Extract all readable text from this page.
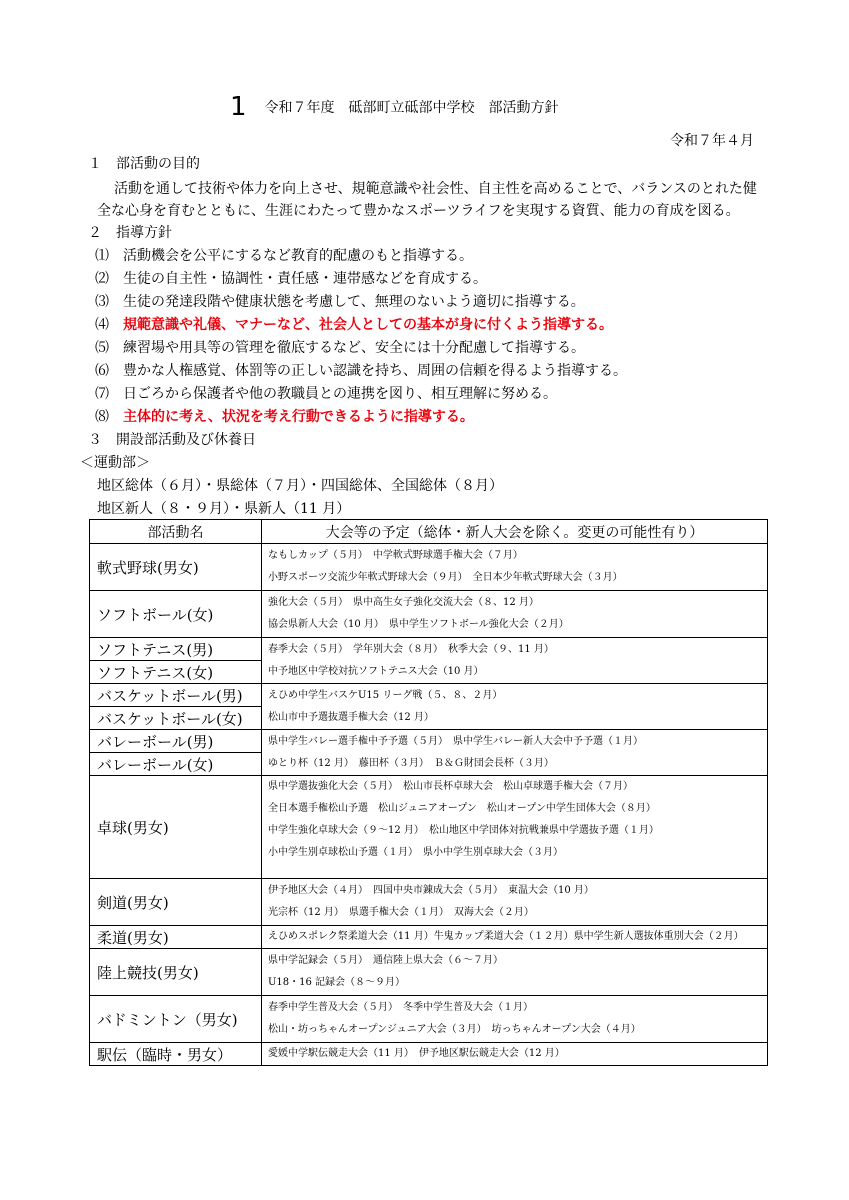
1 令和７年度　砥部町立砥部中学校　部活動方針
令和７年４月
１　部活動の目的
活動を通して技術や体力を向上させ、規範意識や社会性、自主性を高めることで、バランスのとれた健
全な心身を育むとともに、生涯にわたって豊かなスポーツライフを実現する資質、能力の育成を図る。
２　指導方針
⑴　 活動機会を公平にするなど教育的配慮のもと指導する。
⑵　 生徒の自主性・協調性・責任感・連帯感などを育成する。
⑶　 生徒の発達段階や健康状態を考慮して、無理のないよう適切に指導する。
⑷　 規範意識や礼儀、マナーなど、社会人としての基本が身に付くよう指導する。
⑸　 練習場や用具等の管理を徹底するなど、安全には十分配慮して指導する。
⑹　 豊かな人権感覚、体罰等の正しい認識を持ち、周囲の信頼を得るよう指導する。
⑺　 日ごろから保護者や他の教職員との連携を図り、相互理解に努める。
⑻　 主体的に考え、状況を考え行動できるように指導する。
３　開設部活動及び休養日
＜運動部＞
地区総体（６月）・県総体（７月）・四国総体、全国総体（８月）
地区新人（８・９月）・県新人（11 月）
部活動名	大会等の予定（総体・新人大会を除く。変更の可能性有り）
軟式野球(男女)	なもしカップ（５月）　中学軟式野球選手権大会（７月）
小野スポーツ交流少年軟式野球大会（９月）　全日本少年軟式野球大会（３月）

ソフトボール(女)	強化大会（５月）　県中高生女子強化交流大会（８、12 月）
協会県新人大会（10 月）　県中学生ソフトボール強化大会（２月）

ソフトテニス(男)	春季大会（５月）　学年別大会（８月）　秋季大会（９、11 月）
中予地区中学校対抗ソフトテニス大会（10 月）

ソフトテニス(女)	
バスケットボール(男)	えひめ中学生バスケU15 リーグ戦（５、８、２月）
松山市中予選抜選手権大会（12 月）

バスケットボール(女)	
バレーボール(男)	県中学生バレー選手権中予予選（５月）　県中学生バレー新人大会中予予選（１月）
ゆとり杯（12 月）　藤田杯（３月）　Ｂ＆Ｇ財団会長杯（３月）

バレーボール(女)	
卓球(男女)	県中学選抜強化大会（５月）　松山市長杯卓球大会　松山卓球選手権大会（７月）
全日本選手権松山予選　松山ジュニアオープン　松山オープン中学生団体大会（８月）
中学生強化卓球大会（９〜12 月）　松山地区中学団体対抗戦兼県中学選抜予選（１月）
小中学生別卓球松山予選（１月）　県小中学生別卓球大会（３月）

剣道(男女)	伊予地区大会（４月）　四国中央市錬成大会（５月）　東温大会（10 月）
光宗杯（12 月）　県選手権大会（１月）　双海大会（２月）

柔道(男女)	えひめスポレク祭柔道大会（11 月）牛鬼カップ柔道大会（１２月）県中学生新人選抜体重別大会（２月）

陸上競技(男女)	県中学記録会（５月）　通信陸上県大会（６〜７月）
U18・16 記録会（８〜９月）

バドミントン（男女)	春季中学生普及大会（５月）　冬季中学生普及大会（１月）
松山・坊っちゃんオープンジュニア大会（３月）　坊っちゃんオープン大会（４月）

駅伝（臨時・男女）	愛媛中学駅伝競走大会（11 月）　伊予地区駅伝競走大会（12 月）
